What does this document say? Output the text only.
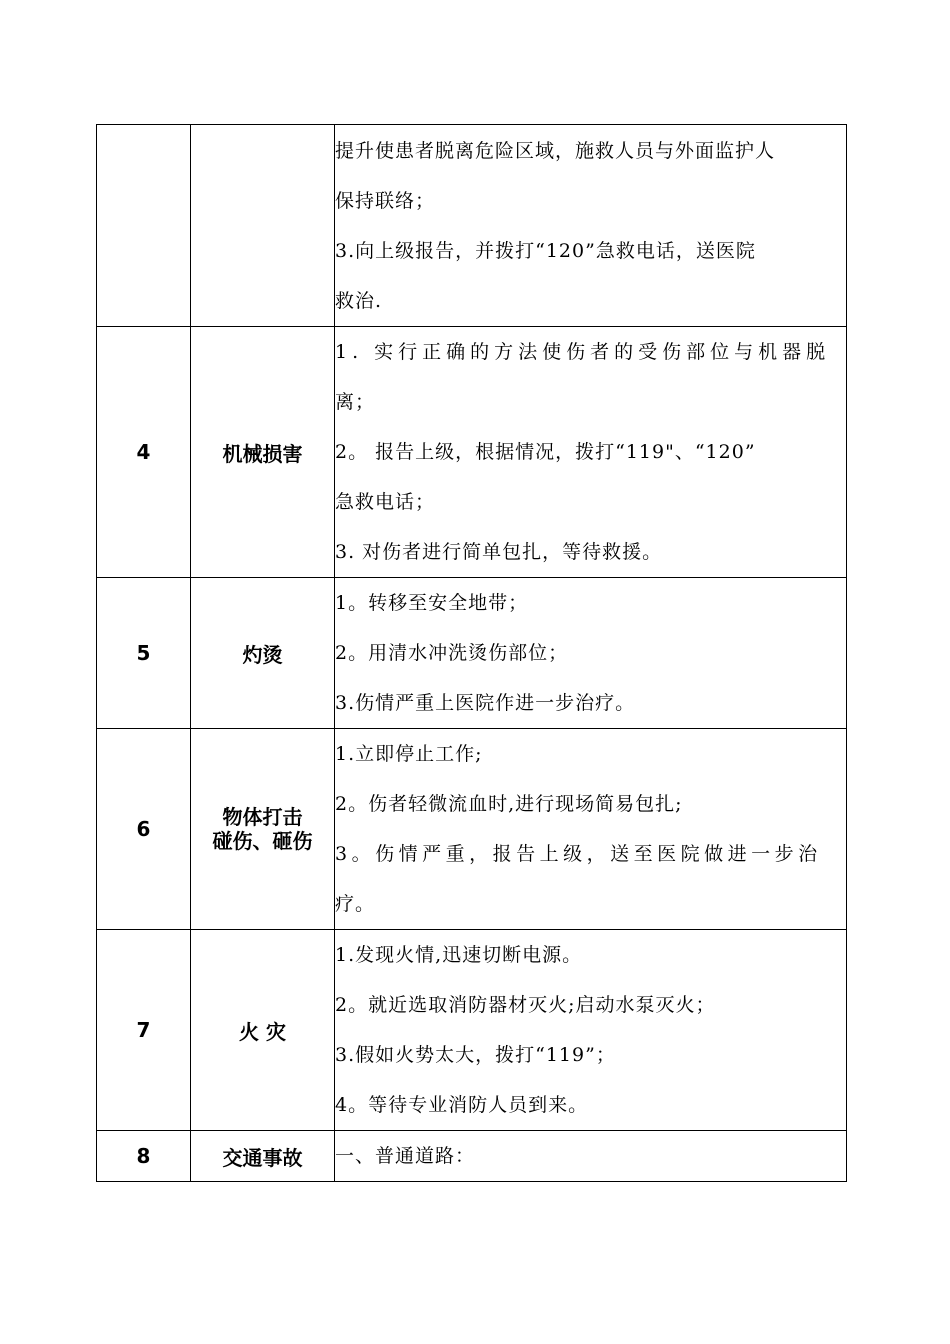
		提升使患者脱离危险区域，施救人员与外面监护人
保持联络；
3.向上级报告，并拨打“120”急救电话，送医院
救治.

4	机械损害	1. 实行正确的方法使伤者的受伤部位与机器脱
离；
2。 报告上级，根据情况，拨打“119"、“120”
急救电话；
3. 对伤者进行简单包扎，等待救援。

5	灼烫	1。转移至安全地带；
2。用清水冲洗烫伤部位；
3.伤情严重上医院作进一步治疗。

6	物体打击
碰伤、砸伤	1.立即停止工作;
2。伤者轻微流血时,进行现场简易包扎;
3。伤情严重，报告上级，送至医院做进一步治
疗。

7	火 灾	1.发现火情,迅速切断电源。
2。就近选取消防器材灭火;启动水泵灭火；
3.假如火势太大，拨打“119”；
4。等待专业消防人员到来。

8	交通事故	一、普通道路：
